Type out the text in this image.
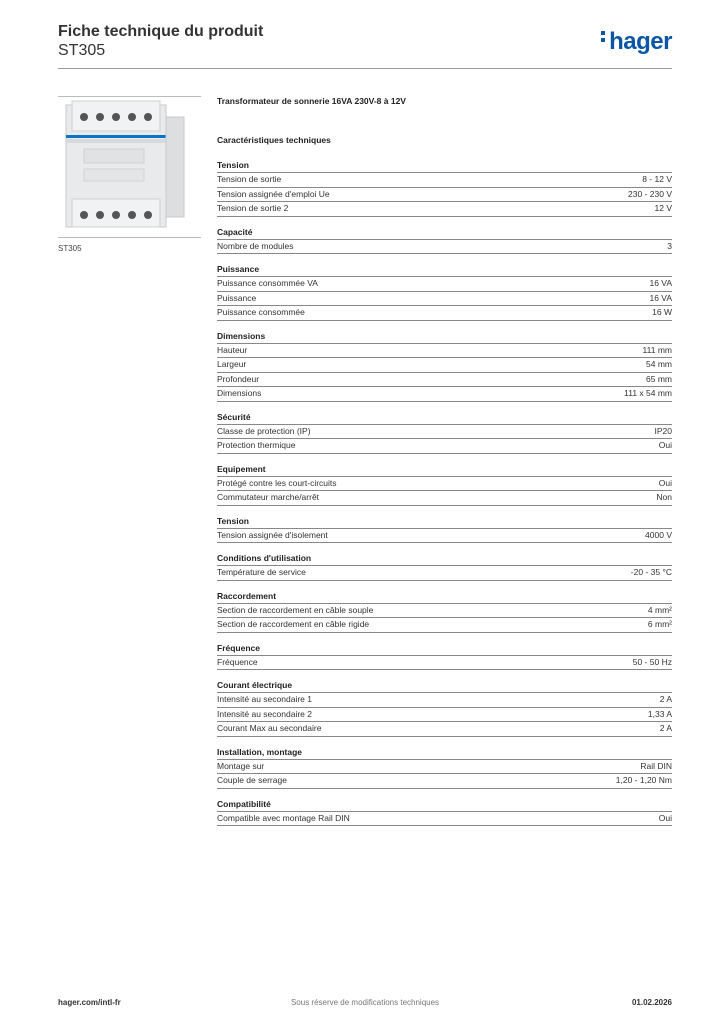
Fiche technique du produit

ST305	hager
ST305

Transformateur de sonnerie 16VA 230V-8 à 12V

Caractéristiques techniques

Tension

Tension de sortie	8 - 12 V
Tension assignée d'emploi Ue	230 - 230 V
Tension de sortie 2	12 V

Capacité

Nombre de modules	3

Puissance

Puissance consommée VA	16 VA
Puissance	16 VA
Puissance consommée	16 W

Dimensions

Hauteur	111 mm
Largeur	54 mm
Profondeur	65 mm
Dimensions	111 x 54 mm

Sécurité

Classe de protection (IP)	IP20
Protection thermique	Oui

Equipement

Protégé contre les court-circuits	Oui
Commutateur marche/arrêt	Non

Tension

Tension assignée d'isolement	4000 V

Conditions d'utilisation

Température de service	-20 - 35 °C

Raccordement

Section de raccordement en câble souple	4 mm²
Section de raccordement en câble rigide	6 mm²

Fréquence

Fréquence	50 - 50 Hz

Courant électrique

Intensité au secondaire 1	2 A
Intensité au secondaire 2	1,33 A
Courant Max au secondaire	2 A

Installation, montage

Montage sur	Rail DIN
Couple de serrage	1,20 - 1,20 Nm

Compatibilité

Compatible avec montage Rail DIN	Oui
hager.com/intl-fr	Sous réserve de modifications techniques	01.02.2026
